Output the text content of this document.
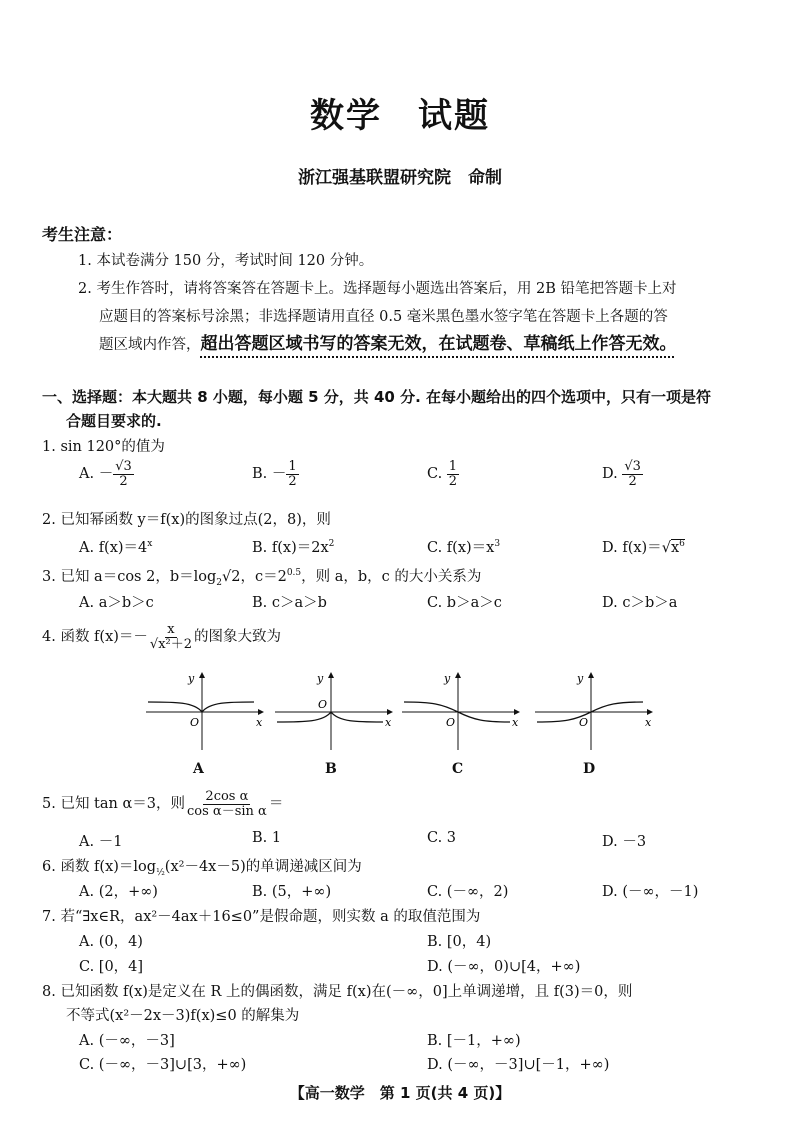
数学　试题
浙江强基联盟研究院　命制
考生注意：
1. 本试卷满分 150 分，考试时间 120 分钟。
2. 考生作答时，请将答案答在答题卡上。选择题每小题选出答案后，用 2B 铅笔把答题卡上对
应题目的答案标号涂黑；非选择题请用直径 0.5 毫米黑色墨水签字笔在答题卡上各题的答
题区域内作答，超出答题区域书写的答案无效，在试题卷、草稿纸上作答无效。
一、选择题：本大题共 8 小题，每小题 5 分，共 40 分. 在每小题给出的四个选项中，只有一项是符
合题目要求的.
1. sin 120°的值为
A. － $\frac{√3}{2}$	B. － $\frac{1}{2}$	C. $\frac{1}{2}$	D. $\frac{√3}{2}$
2. 已知幂函数 y＝f(x)的图象过点(2，8)，则
A. $f(x)=4^x$	B. $f(x)=2x^2$	C. $f(x)=x^3$	D. $f(x)=√x^6$
3. 已知 a＝cos 2，$b=\log_2√2$，$c=2^{0.5}$，则 a，b，c 的大小关系为
A. a＞b＞c	B. c＞a＞b	C. b＞a＞c	D. c＞b＞a
4. 函数 $f(x)=- \frac{x}{\text{√x²＋2}}$ 的图象大致为
O	x
y
O
x
y
O	x
y
O	x
y
A	B	C	D
5. 已知 tan α＝3，则 $\frac{\text{2cos α}}{\text{cos α－sin α}}$ ＝
A. －1	B. 1	C. 3	D. －3
6. 函数 $f(x)=\log_{\frac{1}{2}}(x^2-4x-5)$的单调递减区间为
A. (2，+∞)	B. (5，+∞)	C. (－∞，2)	D. (－∞，－1)
7. 若“∃x∈R，ax²－4ax＋16≤0”是假命题，则实数 a 的取值范围为
A. (0，4)	B. [0，4)
C. [0，4]	D. (－∞，0)∪[4，+∞)
8. 已知函数 f(x)是定义在 R 上的偶函数，满足 f(x)在(－∞，0]上单调递增，且 f(3)＝0，则
不等式(x²－2x－3)f(x)≤0 的解集为
A. (－∞，－3]	B. [－1，+∞)
C. (－∞，－3]∪[3，+∞)	D. (－∞，－3]∪[－1，+∞)
【高一数学　第 1 页(共 4 页)】
